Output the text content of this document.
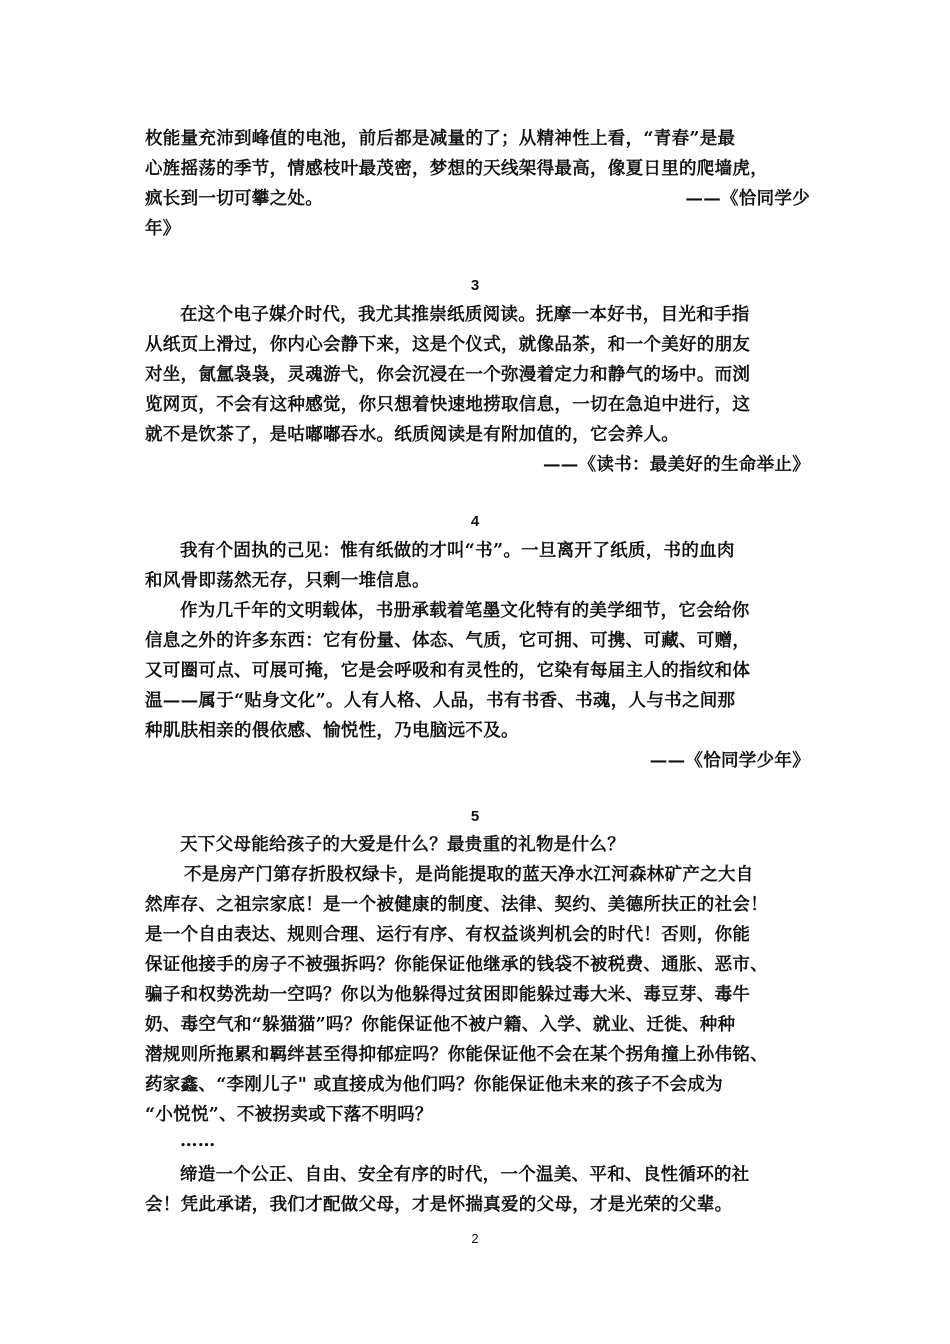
枚能量充沛到峰值的电池，前后都是减量的了；从精神性上看，“青春”是最
心旌摇荡的季节，情感枝叶最茂密，梦想的天线架得最高，像夏日里的爬墙虎，
疯长到一切可攀之处。	——《恰同学少
年》
3
在这个电子媒介时代，我尤其推崇纸质阅读。抚摩一本好书，目光和手指
从纸页上滑过，你内心会静下来，这是个仪式，就像品茶，和一个美好的朋友
对坐，氤氲袅袅，灵魂游弋，你会沉浸在一个弥漫着定力和静气的场中。而浏
览网页，不会有这种感觉，你只想着快速地捞取信息，一切在急迫中进行，这
就不是饮茶了，是咕嘟嘟吞水。纸质阅读是有附加值的，它会养人。
——《读书：最美好的生命举止》
4
我有个固执的己见：惟有纸做的才叫“书”。一旦离开了纸质，书的血肉
和风骨即荡然无存，只剩一堆信息。
作为几千年的文明载体，书册承载着笔墨文化特有的美学细节，它会给你
信息之外的许多东西：它有份量、体态、气质，它可拥、可携、可藏、可赠，
又可圈可点、可展可掩，它是会呼吸和有灵性的，它染有每届主人的指纹和体
温——属于“贴身文化”。人有人格、人品，书有书香、书魂，人与书之间那
种肌肤相亲的偎依感、愉悦性，乃电脑远不及。
——《恰同学少年》
5
天下父母能给孩子的大爱是什么？最贵重的礼物是什么？
不是房产门第存折股权绿卡，是尚能提取的蓝天净水江河森林矿产之大自
然库存、之祖宗家底！是一个被健康的制度、法律、契约、美德所扶正的社会！
是一个自由表达、规则合理、运行有序、有权益谈判机会的时代！否则，你能
保证他接手的房子不被强拆吗？你能保证他继承的钱袋不被税费、通胀、恶市、
骗子和权势洗劫一空吗？你以为他躲得过贫困即能躲过毒大米、毒豆芽、毒牛
奶、毒空气和“躲猫猫”吗？你能保证他不被户籍、入学、就业、迁徙、种种
潜规则所拖累和羁绊甚至得抑郁症吗？你能保证他不会在某个拐角撞上孙伟铭、
药家鑫、“李刚儿子" 或直接成为他们吗？你能保证他未来的孩子不会成为
“小悦悦”、不被拐卖或下落不明吗？
……
缔造一个公正、自由、安全有序的时代，一个温美、平和、良性循环的社
会！凭此承诺，我们才配做父母，才是怀揣真爱的父母，才是光荣的父辈。
2
